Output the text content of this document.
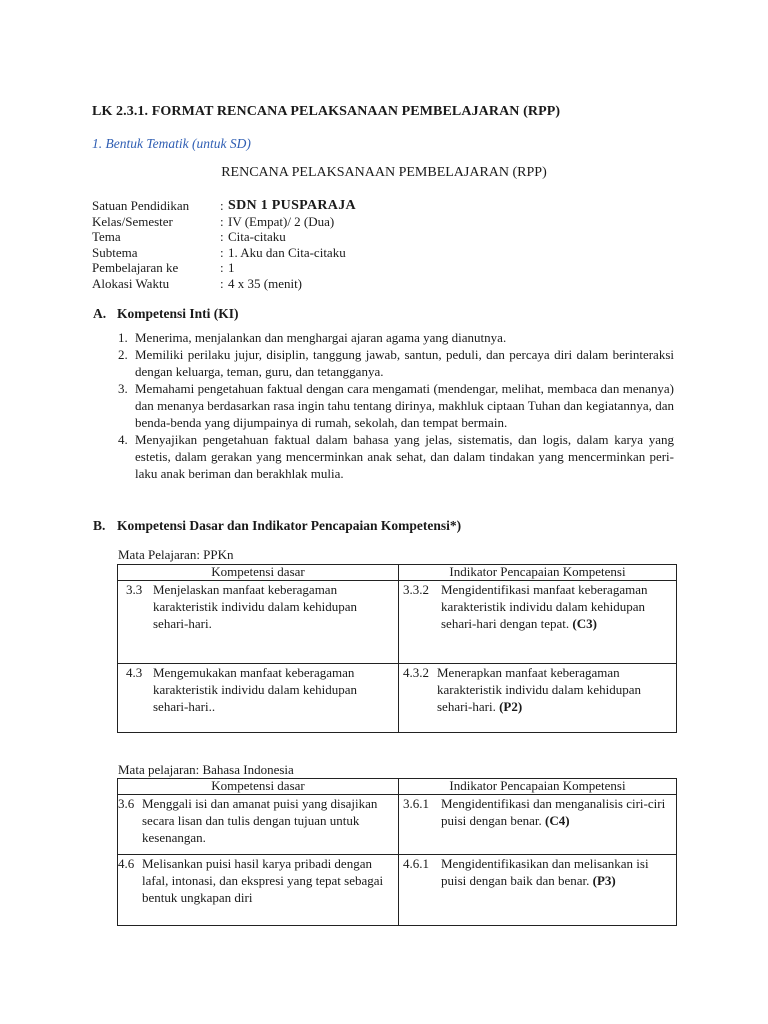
LK 2.3.1. FORMAT RENCANA PELAKSANAAN PEMBELAJARAN (RPP)
1. Bentuk Tematik (untuk SD)
RENCANA PELAKSANAAN PEMBELAJARAN (RPP)
Satuan Pendidikan	: SDN 1 PUSPARAJA
Kelas/Semester	: IV (Empat)/ 2 (Dua)
Tema	: Cita-citaku
Subtema	: 1. Aku dan Cita-citaku
Pembelajaran ke	: 1
Alokasi Waktu	: 4 x 35 (menit)
A. Kompetensi Inti (KI)
1. Menerima, menjalankan dan menghargai ajaran agama yang dianutnya.
2. Memiliki perilaku jujur, disiplin, tanggung jawab, santun, peduli, dan percaya diri dalam berinteraksi dengan keluarga, teman, guru, dan tetangganya.
3. Memahami pengetahuan faktual dengan cara mengamati (mendengar, melihat, membaca dan menanya) dan menanya berdasarkan rasa ingin tahu tentang dirinya, makhluk ciptaan Tuhan dan kegiatannya, dan benda-benda yang dijumpainya di rumah, sekolah, dan tempat bermain.
4. Menyajikan pengetahuan faktual dalam bahasa yang jelas, sistematis, dan logis, dalam karya yang estetis, dalam gerakan yang mencerminkan anak sehat, dan dalam tindakan yang mencerminkan peri-laku anak beriman dan berakhlak mulia.
B. Kompetensi Dasar dan Indikator Pencapaian Kompetensi*)
Mata Pelajaran: PPKn
Kompetensi dasar	Indikator Pencapaian Kompetensi

3.3 Menjelaskan manfaat keberagaman karakteristik individu dalam kehidupan sehari-hari.	3.3.2 Mengidentifikasi manfaat keberagaman karakteristik individu dalam kehidupan sehari-hari dengan tepat. (C3)

4.3 Mengemukakan manfaat keberagaman karakteristik individu dalam kehidupan sehari-hari..	4.3.2 Menerapkan manfaat keberagaman karakteristik individu dalam kehidupan sehari-hari. (P2)
Mata pelajaran: Bahasa Indonesia
Kompetensi dasar	Indikator Pencapaian Kompetensi

3.6 Menggali isi dan amanat puisi yang disajikan secara lisan dan tulis dengan tujuan untuk kesenangan.	3.6.1 Mengidentifikasi dan menganalisis ciri-ciri puisi dengan benar. (C4)

4.6 Melisankan puisi hasil karya pribadi dengan lafal, intonasi, dan ekspresi yang tepat sebagai bentuk ungkapan diri	4.6.1 Mengidentifikasikan dan melisankan isi puisi dengan baik dan benar. (P3)
